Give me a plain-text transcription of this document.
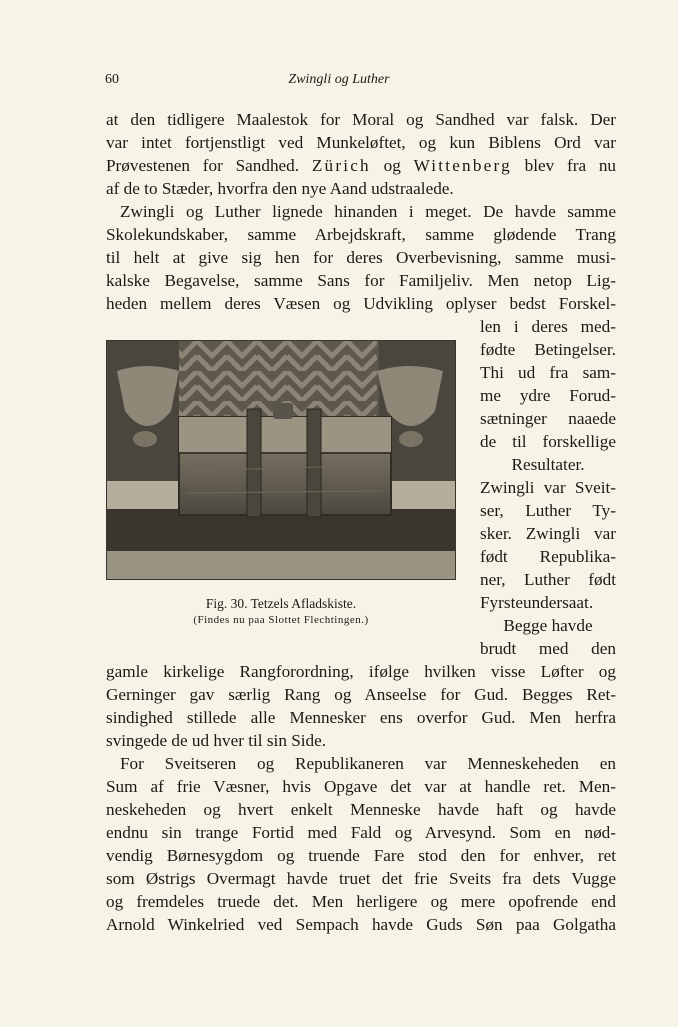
60	Zwingli og Luther
at den tidligere Maalestok for Moral og Sandhed var falsk. Der
var intet fortjenstligt ved Munkeløftet, og kun Biblens Ord var
Prøvestenen for Sandhed. Zürich og Wittenberg blev fra nu
af de to Stæder, hvorfra den nye Aand udstraalede.
Zwingli og Luther lignede hinanden i meget. De havde samme
Skolekundskaber, samme Arbejdskraft, samme glødende Trang
til helt at give sig hen for deres Overbevisning, samme musi-
kalske Begavelse, samme Sans for Familjeliv. Men netop Lig-
heden mellem deres Væsen og Udvikling oplyser bedst Forskel-
len i deres med-
fødte Betingelser.
Thi ud fra sam-
me ydre Forud-
sætninger naaede
de til forskellige
Resultater.
Zwingli var Sveit-
ser, Luther Ty-
sker. Zwingli var
født Republika-
ner, Luther født
Fyrsteundersaat.
Begge havde
brudt med den
gamle kirkelige Rangforordning, ifølge hvilken visse Løfter og
Gerninger gav særlig Rang og Anseelse for Gud. Begges Ret-
sindighed stillede alle Mennesker ens overfor Gud. Men herfra
svingede de ud hver til sin Side.
For Sveitseren og Republikaneren var Menneskeheden en
Sum af frie Væsner, hvis Opgave det var at handle ret. Men-
neskeheden og hvert enkelt Menneske havde haft og havde
endnu sin trange Fortid med Fald og Arvesynd. Som en nød-
vendig Børnesygdom og truende Fare stod den for enhver, ret
som Østrigs Overmagt havde truet det frie Sveits fra dets Vugge
og fremdeles truede det. Men herligere og mere opofrende end
Arnold Winkelried ved Sempach havde Guds Søn paa Golgatha
Fig. 30. Tetzels Afladskiste.
(Findes nu paa Slottet Flechtingen.)
